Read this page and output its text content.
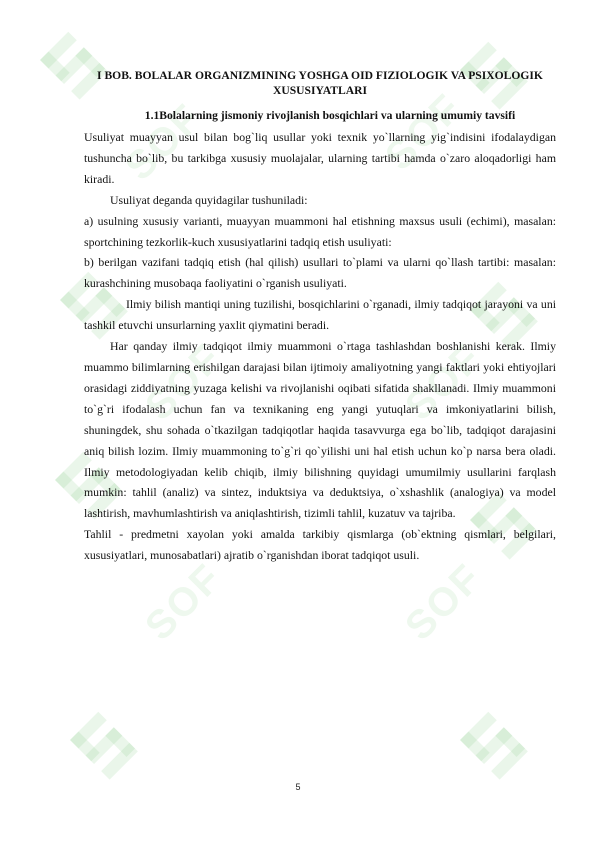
SOF	SOF
SOF	SOF
SOF	SOF
I BOB. BOLALAR ORGANIZMINING YOSHGA OID FIZIOLOGIK VA PSIXOLOGIK XUSUSIYATLARI
1.1Bolalarning jismoniy rivojlanish bosqichlari va ularning umumiy tavsifi

Usuliyat muayyan usul bilan bog`liq usullar yoki texnik yo`llarning yig`indisini ifodalaydigan tushuncha bo`lib, bu tarkibga xususiy muolajalar, ularning tartibi hamda o`zaro aloqadorligi ham kiradi.

Usuliyat deganda quyidagilar tushuniladi:

a) usulning xususiy varianti, muayyan muammoni hal etishning maxsus usuli (echimi), masalan: sportchining tezkorlik-kuch xususiyatlarini tadqiq etish usuliyati:

b) berilgan vazifani tadqiq etish (hal qilish) usullari to`plami va ularni qo`llash tartibi: masalan: kurashchining musobaqa faoliyatini o`rganish usuliyati.

Ilmiy bilish mantiqi uning tuzilishi, bosqichlarini o`rganadi, ilmiy tadqiqot jarayoni va uni tashkil etuvchi unsurlarning yaxlit qiymatini beradi.

Har qanday ilmiy tadqiqot ilmiy muammoni o`rtaga tashlashdan boshlanishi kerak. Ilmiy muammo bilimlarning erishilgan darajasi bilan ijtimoiy amaliyotning yangi faktlari yoki ehtiyojlari orasidagi ziddiyatning yuzaga kelishi va rivojlanishi oqibati sifatida shakllanadi. Ilmiy muammoni to`g`ri ifodalash uchun fan va texnikaning eng yangi yutuqlari va imkoniyatlarini bilish, shuningdek, shu sohada o`tkazilgan tadqiqotlar haqida tasavvurga ega bo`lib, tadqiqot darajasini aniq bilish lozim. Ilmiy muammoning to`g`ri qo`yilishi uni hal etish uchun ko`p narsa bera oladi. Ilmiy metodologiyadan kelib chiqib, ilmiy bilishning quyidagi umumilmiy usullarini farqlash mumkin: tahlil (analiz) va sintez, induktsiya va deduktsiya, o`xshashlik (analogiya) va model lashtirish, mavhumlashtirish va aniqlashtirish, tizimli tahlil, kuzatuv va tajriba.

Tahlil - predmetni xayolan yoki amalda tarkibiy qismlarga (ob`ektning qismlari, belgilari, xususiyatlari, munosabatlari) ajratib o`rganishdan iborat tadqiqot usuli.

5
